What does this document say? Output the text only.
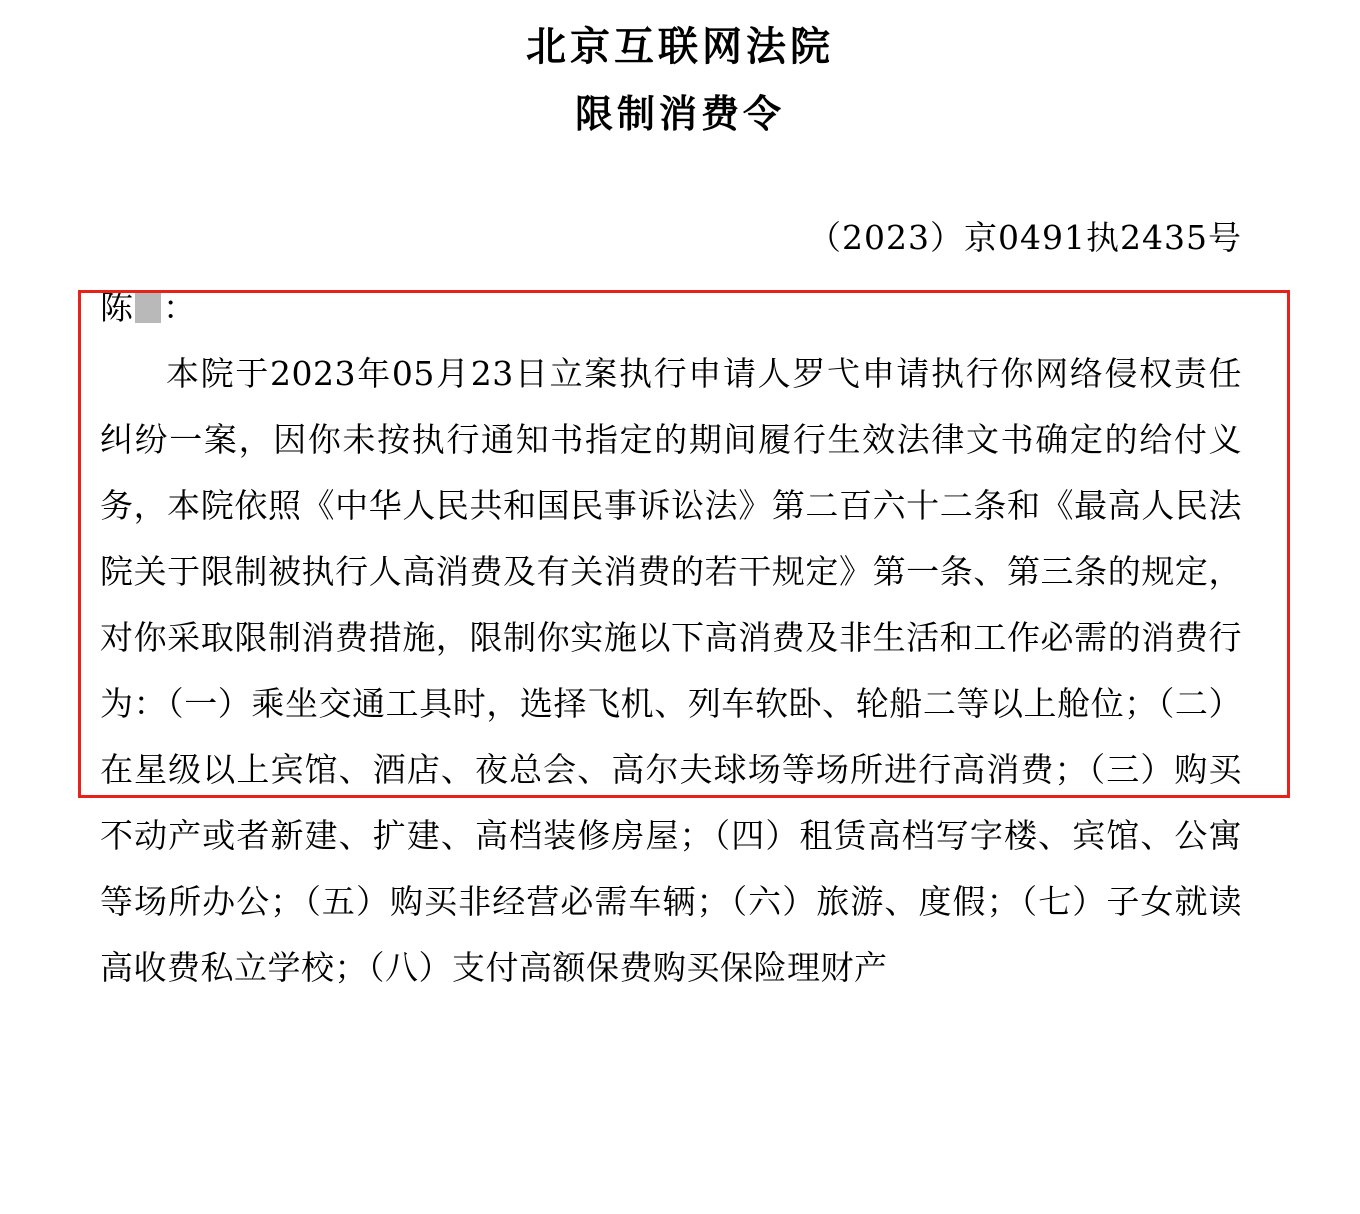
北京互联网法院
限制消费令
（2023）京0491执2435号
陈 ：

本院于2023年05月23日立案执行申请人罗弋申请执行你网络侵权责任纠纷一案，因你未按执行通知书指定的期间履行生效法律文书确定的给付义务，本院依照《中华人民共和国民事诉讼法》第二百六十二条和《最高人民法院关于限制被执行人高消费及有关消费的若干规定》第一条、第三条的规定，对你采取限制消费措施，限制你实施以下高消费及非生活和工作必需的消费行为：（一）乘坐交通工具时，选择飞机、列车软卧、轮船二等以上舱位；（二）在星级以上宾馆、酒店、夜总会、高尔夫球场等场所进行高消费；（三）购买不动产或者新建、扩建、高档装修房屋；（四）租赁高档写字楼、宾馆、公寓等场所办公；（五）购买非经营必需车辆；（六）旅游、度假；（七）子女就读高收费私立学校；（八）支付高额保费购买保险理财产
